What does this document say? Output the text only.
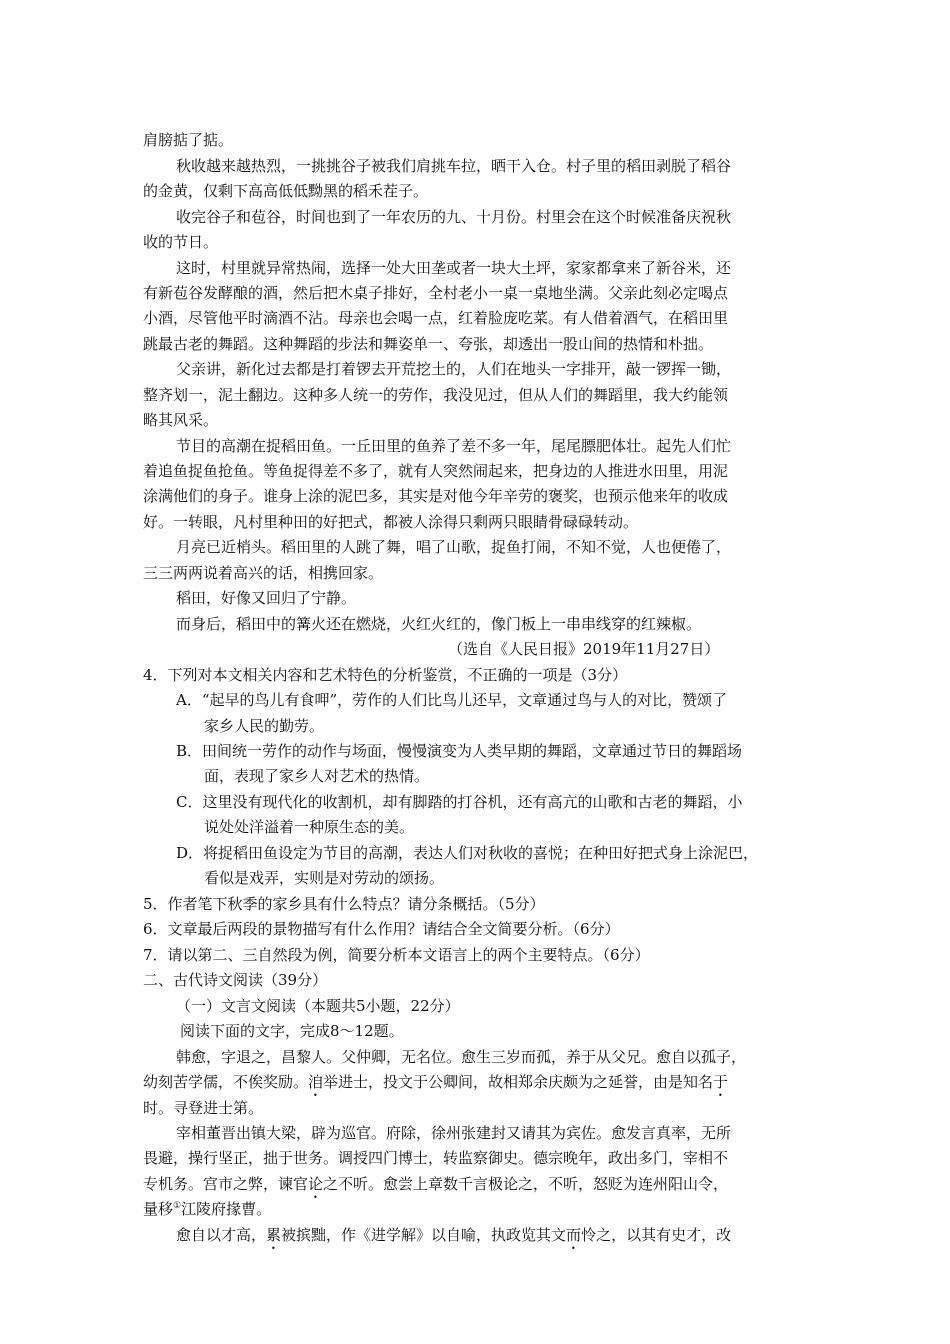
肩膀掂了掂。
秋收越来越热烈，一挑挑谷子被我们肩挑车拉，晒干入仓。村子里的稻田剥脱了稻谷
的金黄，仅剩下高高低低黝黑的稻禾茬子。
收完谷子和苞谷，时间也到了一年农历的九、十月份。村里会在这个时候准备庆祝秋
收的节日。
这时，村里就异常热闹，选择一处大田垄或者一块大土坪，家家都拿来了新谷米，还
有新苞谷发酵酿的酒，然后把木桌子排好，全村老小一桌一桌地坐满。父亲此刻必定喝点
小酒，尽管他平时滴酒不沾。母亲也会喝一点，红着脸庞吃菜。有人借着酒气，在稻田里
跳最古老的舞蹈。这种舞蹈的步法和舞姿单一、夸张，却透出一股山间的热情和朴拙。
父亲讲，新化过去都是打着锣去开荒挖土的，人们在地头一字排开，敲一锣挥一锄，
整齐划一，泥土翻边。这种多人统一的劳作，我没见过，但从人们的舞蹈里，我大约能领
略其风采。
节目的高潮在捉稻田鱼。一丘田里的鱼养了差不多一年，尾尾膘肥体壮。起先人们忙
着追鱼捉鱼抢鱼。等鱼捉得差不多了，就有人突然闹起来，把身边的人推进水田里，用泥
涂满他们的身子。谁身上涂的泥巴多，其实是对他今年辛劳的褒奖，也预示他来年的收成
好。一转眼，凡村里种田的好把式，都被人涂得只剩两只眼睛骨碌碌转动。
月亮已近梢头。稻田里的人跳了舞，唱了山歌，捉鱼打闹，不知不觉，人也便倦了，
三三两两说着高兴的话，相携回家。
稻田，好像又回归了宁静。
而身后，稻田中的篝火还在燃烧，火红火红的，像门板上一串串线穿的红辣椒。
（选自《人民日报》2019年11月27日）
4．下列对本文相关内容和艺术特色的分析鉴赏，不正确的一项是（3分）
A．“起早的鸟儿有食呷”，劳作的人们比鸟儿还早，文章通过鸟与人的对比，赞颂了
家乡人民的勤劳。
B．田间统一劳作的动作与场面，慢慢演变为人类早期的舞蹈，文章通过节日的舞蹈场
面，表现了家乡人对艺术的热情。
C．这里没有现代化的收割机，却有脚踏的打谷机，还有高亢的山歌和古老的舞蹈，小
说处处洋溢着一种原生态的美。
D．将捉稻田鱼设定为节目的高潮，表达人们对秋收的喜悦；在种田好把式身上涂泥巴，
看似是戏弄，实则是对劳动的颂扬。
5．作者笔下秋季的家乡具有什么特点？请分条概括。（5分）
6．文章最后两段的景物描写有什么作用？请结合全文简要分析。（6分）
7．请以第二、三自然段为例，简要分析本文语言上的两个主要特点。（6分）
二、古代诗文阅读（39分）
（一）文言文阅读（本题共5小题，22分）
阅读下面的文字，完成8～12题。
韩愈，字退之，昌黎人。父仲卿，无名位。愈生三岁而孤，养于从父兄。愈自以孤子，
幼刻苦学儒，不俟奖励。洎举进士，投文于公卿间，故相郑余庆颇为之延誉，由是知名于
时。寻登进士第。
宰相董晋出镇大梁，辟为巡官。府除，徐州张建封又请其为宾佐。愈发言真率，无所
畏避，操行坚正，拙于世务。调授四门博士，转监察御史。德宗晚年，政出多门，宰相不
专机务。宫市之弊，谏官论之不听。愈尝上章数千言极论之，不听，怒贬为连州阳山令，
量移①江陵府掾曹。
愈自以才高，累被摈黜，作《进学解》以自喻，执政览其文而怜之，以其有史才，改
